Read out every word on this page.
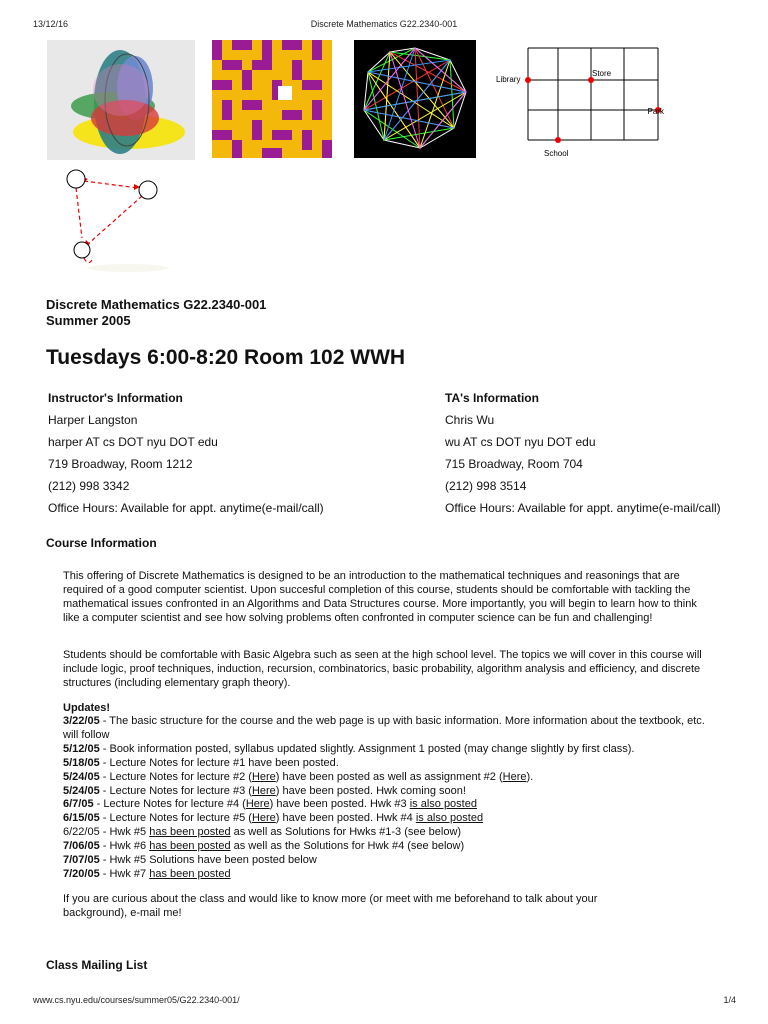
13/12/16	Discrete Mathematics G22.2340-001
Library
Store
Park
School
Discrete Mathematics G22.2340-001
Summer 2005
Tuesdays 6:00-8:20 Room 102 WWH
Instructor's Information
Harper Langston
harper AT cs DOT nyu DOT edu
719 Broadway, Room 1212
(212) 998 3342
Office Hours: Available for appt. anytime(e-mail/call)
TA's Information
Chris Wu
wu AT cs DOT nyu DOT edu
715 Broadway, Room 704
(212) 998 3514
Office Hours: Available for appt. anytime(e-mail/call)
Course Information
This offering of Discrete Mathematics is designed to be an introduction to the mathematical techniques and reasonings that are required of a good computer scientist. Upon succesful completion of this course, students should be comfortable with tackling the mathematical issues confronted in an Algorithms and Data Structures course. More importantly, you will begin to learn how to think like a computer scientist and see how solving problems often confronted in computer science can be fun and challenging!
Students should be comfortable with Basic Algebra such as seen at the high school level. The topics we will cover in this course will include logic, proof techniques, induction, recursion, combinatorics, basic probability, algorithm analysis and efficiency, and discrete structures (including elementary graph theory).
Updates!
3/22/05 - The basic structure for the course and the web page is up with basic information. More information about the textbook, etc. will follow
5/12/05 - Book information posted, syllabus updated slightly. Assignment 1 posted (may change slightly by first class).
5/18/05 - Lecture Notes for lecture #1 have been posted.
5/24/05 - Lecture Notes for lecture #2 (Here) have been posted as well as assignment #2 (Here).
5/24/05 - Lecture Notes for lecture #3 (Here) have been posted. Hwk coming soon!
6/7/05 - Lecture Notes for lecture #4 (Here) have been posted. Hwk #3 is also posted
6/15/05 - Lecture Notes for lecture #5 (Here) have been posted. Hwk #4 is also posted
6/22/05 - Hwk #5 has been posted as well as Solutions for Hwks #1-3 (see below)
7/06/05 - Hwk #6 has been posted as well as the Solutions for Hwk #4 (see below)
7/07/05 - Hwk #5 Solutions have been posted below
7/20/05 - Hwk #7 has been posted
If you are curious about the class and would like to know more (or meet with me beforehand to talk about your background), e-mail me!
Class Mailing List
www.cs.nyu.edu/courses/summer05/G22.2340-001/	1/4
